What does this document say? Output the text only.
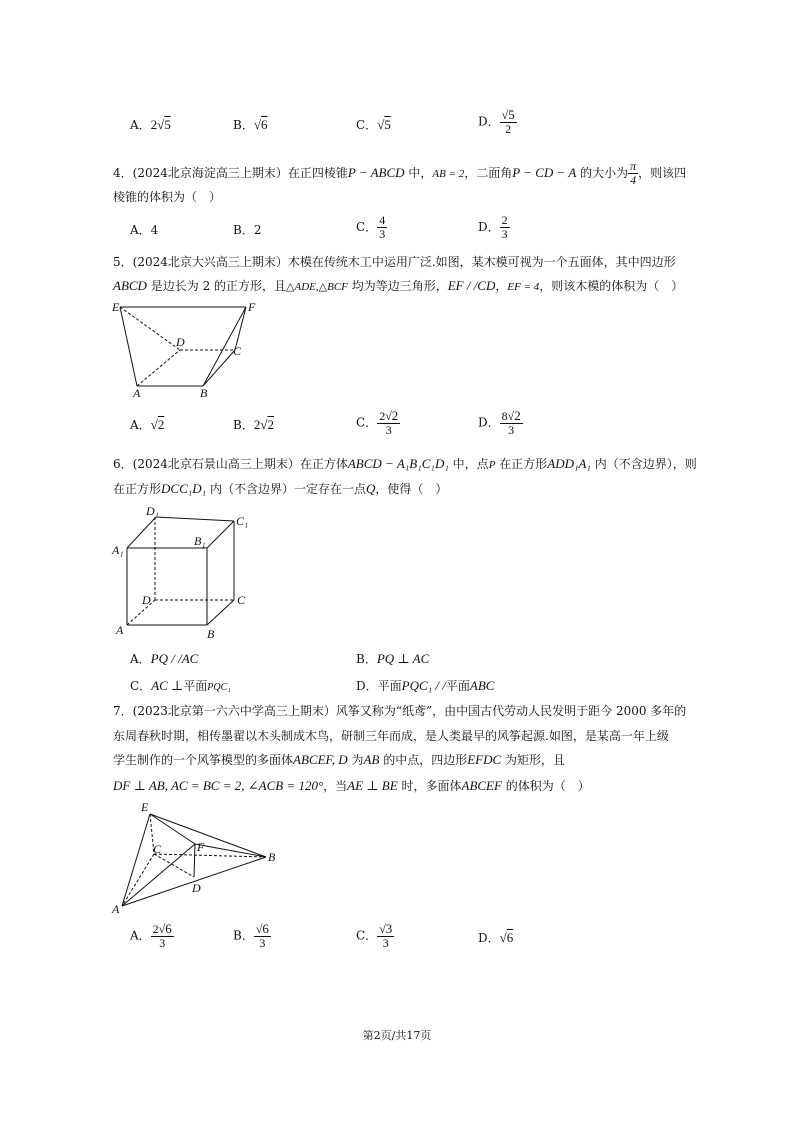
A．2√5	B．√6	C．√5	D． $\frac{√5}{2}$
4．(2024北京海淀高三上期末）在正四棱锥P − ABCD 中，AB = 2，二面角P − CD − A 的大小为 $\frac{\pi}{4}$ ，则该四
棱锥的体积为（　）
A．4	B．2	C． $\frac{4}{3}$	D． $\frac{2}{3}$
5．(2024北京大兴高三上期末）木模在传统木工中运用广泛.如图，某木模可视为一个五面体，其中四边形
ABCD 是边长为 2 的正方形，且△ADE,△BCF 均为等边三角形，EF / /CD，EF = 4，则该木模的体积为（　）
E	F
D
C
A	B
A．√2	B．2√2	C． $\frac{2√2}{3}$	D． $\frac{8√2}{3}$
6．(2024北京石景山高三上期末）在正方体ABCD − A₁B₁C₁D₁ 中，点P 在正方形ADD₁A₁ 内（不含边界），则
在正方形DCC₁D₁ 内（不含边界）一定存在一点Q，使得（　）
D₁
C₁
A₁
B₁
D	C
A	B
A．PQ / /AC	B．PQ ⊥ AC
C．AC ⊥平面PQC₁	D．平面PQC₁ / /平面ABC
7．(2023北京第一六六中学高三上期末）风筝又称为“纸鸢”，由中国古代劳动人民发明于距今 2000 多年的
东周春秋时期，相传墨翟以木头制成木鸟，研制三年而成，是人类最早的风筝起源.如图，是某高一年上级
学生制作的一个风筝模型的多面体ABCEF, D 为AB 的中点，四边形EFDC 为矩形，且
DF ⊥ AB, AC = BC = 2, ∠ACB = 120°，当AE ⊥ BE 时，多面体ABCEF 的体积为（　）
E
C	F
B
D
A
A． $\frac{2√6}{3}$	B． $\frac{√6}{3}$	C． $\frac{√3}{3}$	D．√6
第2页/共17页
